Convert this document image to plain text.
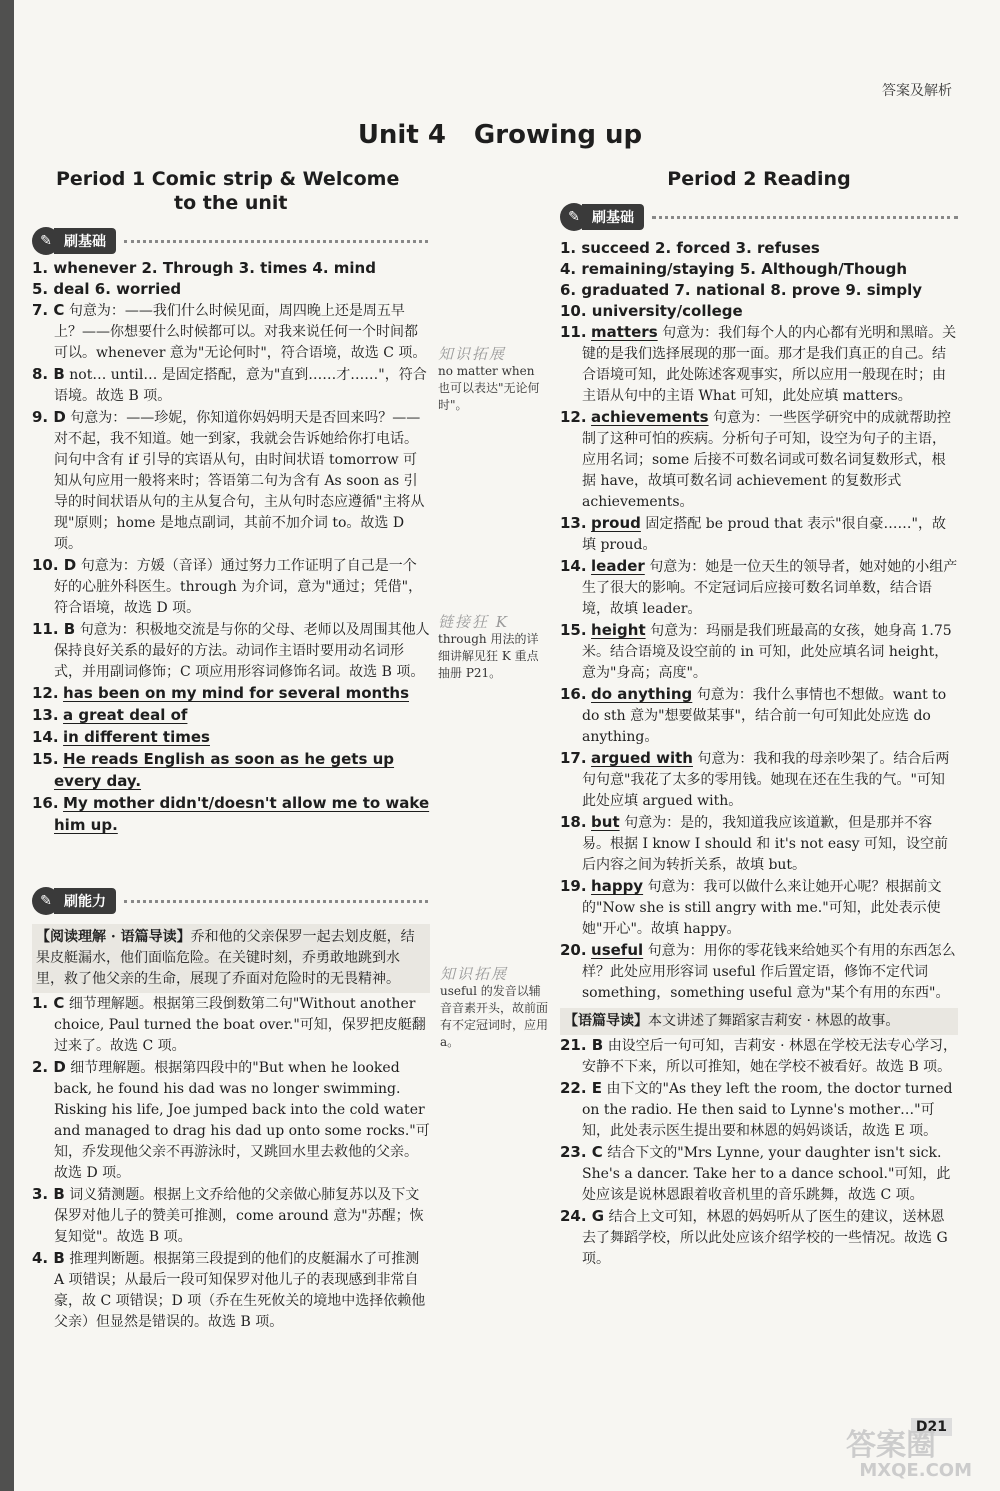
答案及解析
Unit 4 Growing up
Period 1 Comic strip & Welcome
to the unit
✎ 刷基础
1. whenever 2. Through 3. times 4. mind
5. deal 6. worried
7. C 句意为：——我们什么时候见面，周四晚上还是周五早上？——你想要什么时候都可以。对我来说任何一个时间都可以。whenever 意为"无论何时"，符合语境，故选 C 项。
8. B not… until… 是固定搭配，意为"直到……才……"，符合语境。故选 B 项。
9. D 句意为：——珍妮，你知道你妈妈明天是否回来吗？——对不起，我不知道。她一到家，我就会告诉她给你打电话。问句中含有 if 引导的宾语从句，由时间状语 tomorrow 可知从句应用一般将来时；答语第二句为含有 As soon as 引导的时间状语从句的主从复合句，主从句时态应遵循"主将从现"原则；home 是地点副词，其前不加介词 to。故选 D 项。
10. D 句意为：方媛（音译）通过努力工作证明了自己是一个好的心脏外科医生。through 为介词，意为"通过；凭借"，符合语境，故选 D 项。
11. B 句意为：积极地交流是与你的父母、老师以及周围其他人保持良好关系的最好的方法。动词作主语时要用动名词形式，并用副词修饰；C 项应用形容词修饰名词。故选 B 项。
12. has been on my mind for several months
13. a great deal of
14. in different times
15. He reads English as soon as he gets up every day.
16. My mother didn't/doesn't allow me to wake him up.
✎ 刷能力
【阅读理解 · 语篇导读】乔和他的父亲保罗一起去划皮艇，结果皮艇漏水，他们面临危险。在关键时刻，乔勇敢地跳到水里，救了他父亲的生命，展现了乔面对危险时的无畏精神。
1. C 细节理解题。根据第三段倒数第二句"Without another choice, Paul turned the boat over."可知，保罗把皮艇翻过来了。故选 C 项。
2. D 细节理解题。根据第四段中的"But when he looked back, he found his dad was no longer swimming. Risking his life, Joe jumped back into the cold water and managed to drag his dad up onto some rocks."可知，乔发现他父亲不再游泳时，又跳回水里去救他的父亲。故选 D 项。
3. B 词义猜测题。根据上文乔给他的父亲做心肺复苏以及下文保罗对他儿子的赞美可推测，come around 意为"苏醒；恢复知觉"。故选 B 项。
4. B 推理判断题。根据第三段提到的他们的皮艇漏水了可推测 A 项错误；从最后一段可知保罗对他儿子的表现感到非常自豪，故 C 项错误；D 项（乔在生死攸关的境地中选择依赖他父亲）但显然是错误的。故选 B 项。
知识拓展
no matter when 也可以表达"无论何时"。
链接狂 K
through 用法的详细讲解见狂 K 重点抽册 P21。
知识拓展
useful 的发音以辅音音素开头，故前面有不定冠词时，应用 a。
Period 2 Reading
✎ 刷基础
1. succeed 2. forced 3. refuses
4. remaining/staying 5. Although/Though
6. graduated 7. national 8. prove 9. simply
10. university/college
11. matters 句意为：我们每个人的内心都有光明和黑暗。关键的是我们选择展现的那一面。那才是我们真正的自己。结合语境可知，此处陈述客观事实，所以应用一般现在时；由主语从句中的主语 What 可知，此处应填 matters。
12. achievements 句意为：一些医学研究中的成就帮助控制了这种可怕的疾病。分析句子可知，设空为句子的主语，应用名词；some 后接不可数名词或可数名词复数形式，根据 have，故填可数名词 achievement 的复数形式 achievements。
13. proud 固定搭配 be proud that 表示"很自豪……"，故填 proud。
14. leader 句意为：她是一位天生的领导者，她对她的小组产生了很大的影响。不定冠词后应接可数名词单数，结合语境，故填 leader。
15. height 句意为：玛丽是我们班最高的女孩，她身高 1.75 米。结合语境及设空前的 in 可知，此处应填名词 height，意为"身高；高度"。
16. do anything 句意为：我什么事情也不想做。want to do sth 意为"想要做某事"，结合前一句可知此处应选 do anything。
17. argued with 句意为：我和我的母亲吵架了。结合后两句句意"我花了太多的零用钱。她现在还在生我的气。"可知此处应填 argued with。
18. but 句意为：是的，我知道我应该道歉，但是那并不容易。根据 I know I should 和 it's not easy 可知，设空前后内容之间为转折关系，故填 but。
19. happy 句意为：我可以做什么来让她开心呢？根据前文的"Now she is still angry with me."可知，此处表示使她"开心"。故填 happy。
20. useful 句意为：用你的零花钱来给她买个有用的东西怎么样？此处应用形容词 useful 作后置定语，修饰不定代词 something，something useful 意为"某个有用的东西"。
【语篇导读】本文讲述了舞蹈家吉莉安 · 林恩的故事。
21. B 由设空后一句可知，吉莉安 · 林恩在学校无法专心学习，安静不下来，所以可推知，她在学校不被看好。故选 B 项。
22. E 由下文的"As they left the room, the doctor turned on the radio. He then said to Lynne's mother…"可知，此处表示医生提出要和林恩的妈妈谈话，故选 E 项。
23. C 结合下文的"Mrs Lynne, your daughter isn't sick. She's a dancer. Take her to a dance school."可知，此处应该是说林恩跟着收音机里的音乐跳舞，故选 C 项。
24. G 结合上文可知，林恩的妈妈听从了医生的建议，送林恩去了舞蹈学校，所以此处应该介绍学校的一些情况。故选 G 项。
D21
答案圈
MXQE.COM
